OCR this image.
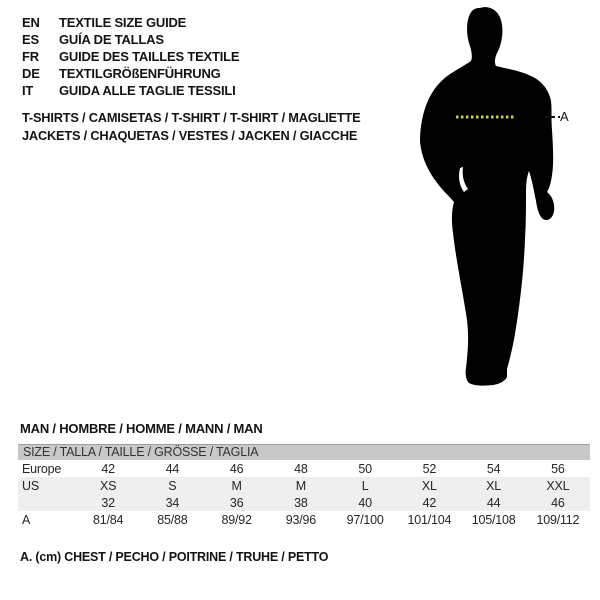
EN	TEXTILE SIZE GUIDE
ES	GUÍA DE TALLAS
FR	GUIDE DES TAILLES TEXTILE
DE	TEXTILGRÖßENFÜHRUNG
IT	GUIDA ALLE TAGLIE TESSILI
T-SHIRTS / CAMISETAS / T-SHIRT / T-SHIRT / MAGLIETTE
JACKETS / CHAQUETAS / VESTES / JACKEN / GIACCHE
A
MAN / HOMBRE / HOMME / MANN / MAN
SIZE / TALLA / TAILLE / GRÖSSE / TAGLIA
Europe	42	44	46	48	50	52	54	56
US	XS	S	M	M	L	XL	XL	XXL
	32	34	36	38	40	42	44	46
A	81/84	85/88	89/92	93/96	97/100	101/104	105/108	109/112
A. (cm) CHEST / PECHO / POITRINE / TRUHE / PETTO
